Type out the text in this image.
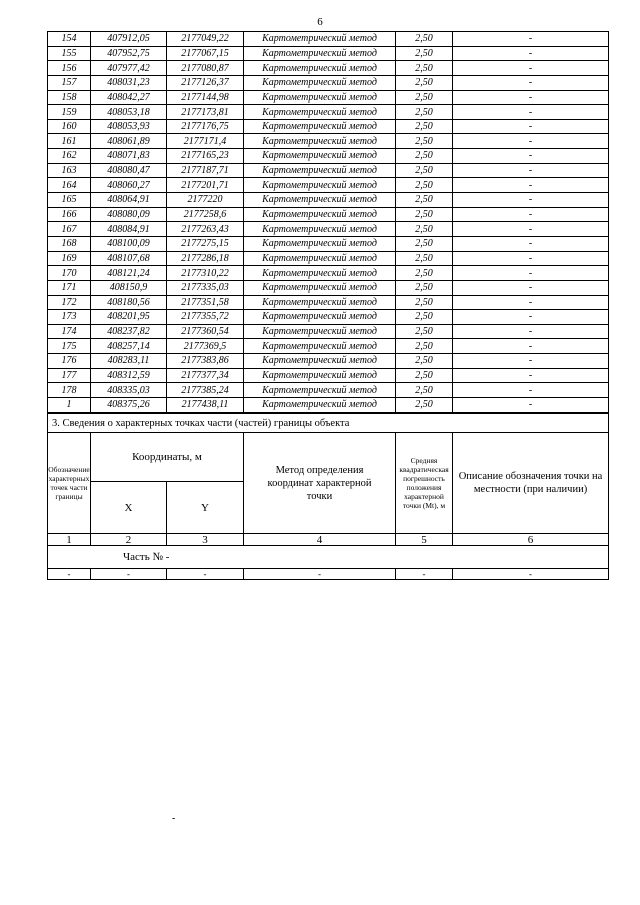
6
154	407912,05	2177049,22	Картометрический метод	2,50	-
155	407952,75	2177067,15	Картометрический метод	2,50	-
156	407977,42	2177080,87	Картометрический метод	2,50	-
157	408031,23	2177126,37	Картометрический метод	2,50	-
158	408042,27	2177144,98	Картометрический метод	2,50	-
159	408053,18	2177173,81	Картометрический метод	2,50	-
160	408053,93	2177176,75	Картометрический метод	2,50	-
161	408061,89	2177171,4	Картометрический метод	2,50	-
162	408071,83	2177165,23	Картометрический метод	2,50	-
163	408080,47	2177187,71	Картометрический метод	2,50	-
164	408060,27	2177201,71	Картометрический метод	2,50	-
165	408064,91	2177220	Картометрический метод	2,50	-
166	408080,09	2177258,6	Картометрический метод	2,50	-
167	408084,91	2177263,43	Картометрический метод	2,50	-
168	408100,09	2177275,15	Картометрический метод	2,50	-
169	408107,68	2177286,18	Картометрический метод	2,50	-
170	408121,24	2177310,22	Картометрический метод	2,50	-
171	408150,9	2177335,03	Картометрический метод	2,50	-
172	408180,56	2177351,58	Картометрический метод	2,50	-
173	408201,95	2177355,72	Картометрический метод	2,50	-
174	408237,82	2177360,54	Картометрический метод	2,50	-
175	408257,14	2177369,5	Картометрический метод	2,50	-
176	408283,11	2177383,86	Картометрический метод	2,50	-
177	408312,59	2177377,34	Картометрический метод	2,50	-
178	408335,03	2177385,24	Картометрический метод	2,50	-
1	408375,26	2177438,11	Картометрический метод	2,50	-
3. Сведения о характерных точках части (частей) границы объекта					
Обозначение характерных точек части границы	Координаты, м		Метод определения координат характерной точки	Средняя квадратическая погрешность положения характерной точки (Mt), м	Описание обозначения точки на местности (при наличии)
	X	Y			
1	2	3	4	5	6
Часть № -					
-	-	-	-	-	-
-
